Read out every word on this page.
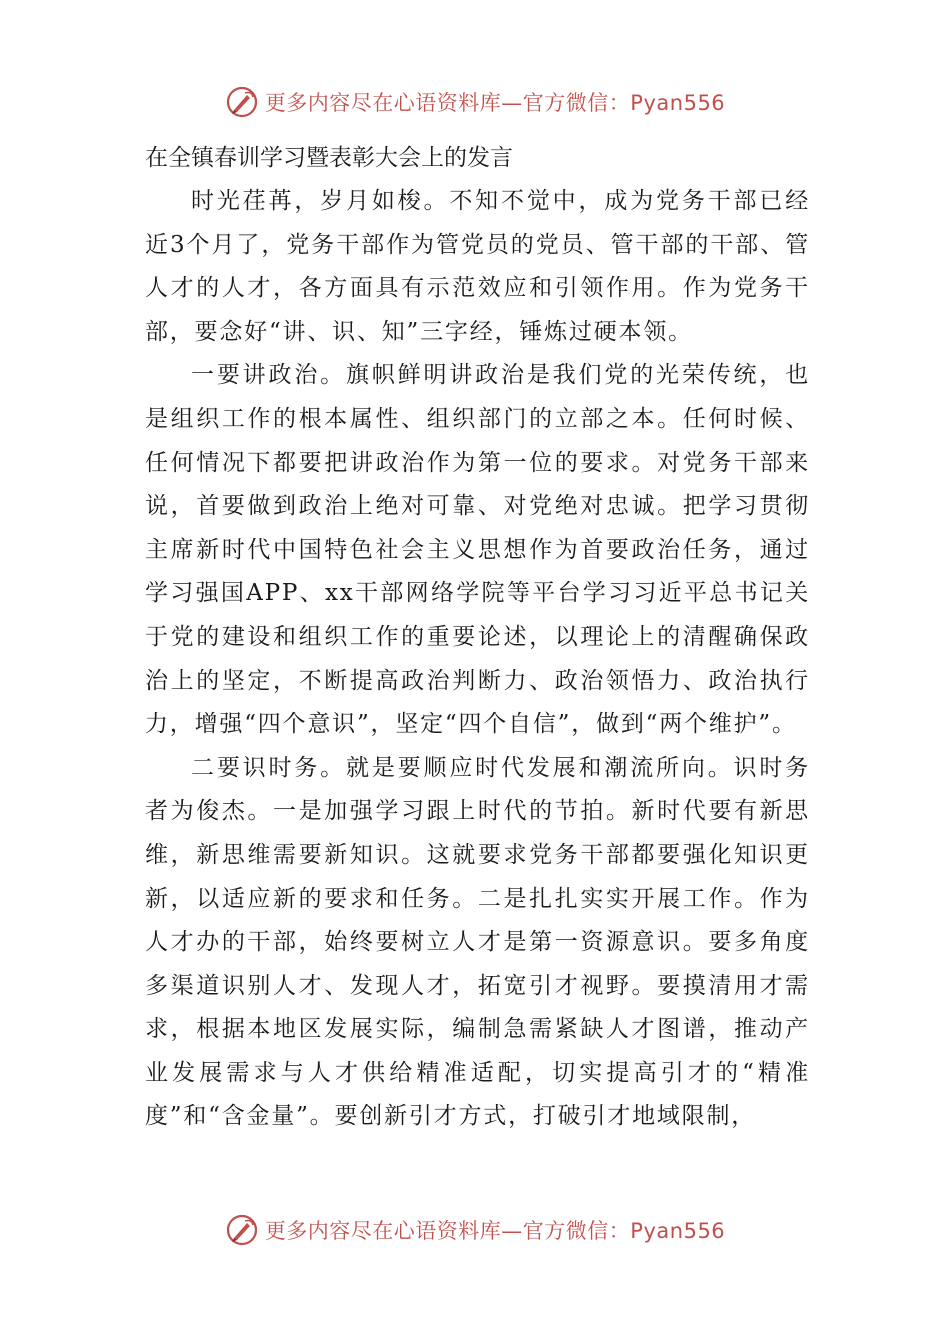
更多内容尽在心语资料库—官方微信：Pyan556
在全镇春训学习暨表彰大会上的发言

时光荏苒，岁月如梭。不知不觉中，成为党务干部已经近3个月了，党务干部作为管党员的党员、管干部的干部、管人才的人才，各方面具有示范效应和引领作用。作为党务干部，要念好“讲、识、知”三字经，锤炼过硬本领。

一要讲政治。旗帜鲜明讲政治是我们党的光荣传统，也是组织工作的根本属性、组织部门的立部之本。任何时候、任何情况下都要把讲政治作为第一位的要求。对党务干部来说，首要做到政治上绝对可靠、对党绝对忠诚。把学习贯彻主席新时代中国特色社会主义思想作为首要政治任务，通过学习强国APP、xx干部网络学院等平台学习习近平总书记关于党的建设和组织工作的重要论述，以理论上的清醒确保政治上的坚定，不断提高政治判断力、政治领悟力、政治执行力，增强“四个意识”，坚定“四个自信”，做到“两个维护”。

二要识时务。就是要顺应时代发展和潮流所向。识时务者为俊杰。一是加强学习跟上时代的节拍。新时代要有新思维，新思维需要新知识。这就要求党务干部都要强化知识更新，以适应新的要求和任务。二是扎扎实实开展工作。作为人才办的干部，始终要树立人才是第一资源意识。要多角度多渠道识别人才、发现人才，拓宽引才视野。要摸清用才需求，根据本地区发展实际，编制急需紧缺人才图谱，推动产业发展需求与人才供给精准适配，切实提高引才的“精准度”和“含金量”。要创新引才方式，打破引才地域限制，

更多内容尽在心语资料库—官方微信：Pyan556
